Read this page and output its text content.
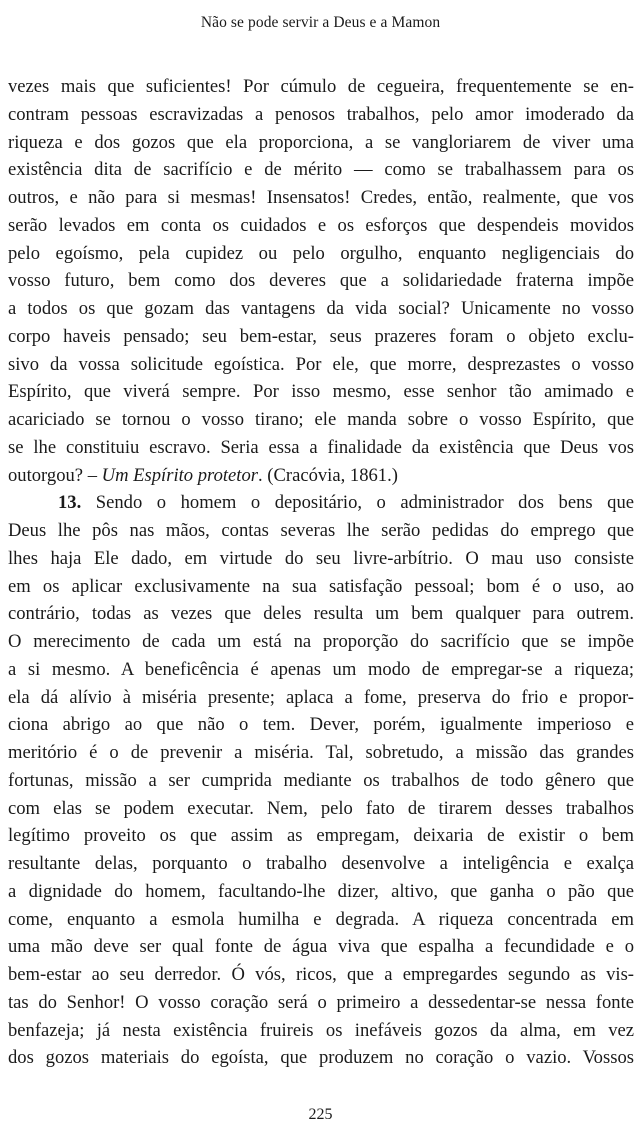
Não se pode servir a Deus e a Mamon
vezes mais que suficientes! Por cúmulo de cegueira, frequentemente se en-
contram pessoas escravizadas a penosos trabalhos, pelo amor imoderado da
riqueza e dos gozos que ela proporciona, a se vangloriarem de viver uma
existência dita de sacrifício e de mérito — como se trabalhassem para os
outros, e não para si mesmas! Insensatos! Credes, então, realmente, que vos
serão levados em conta os cuidados e os esforços que despendeis movidos
pelo egoísmo, pela cupidez ou pelo orgulho, enquanto negligenciais do
vosso futuro, bem como dos deveres que a solidariedade fraterna impõe
a todos os que gozam das vantagens da vida social? Unicamente no vosso
corpo haveis pensado; seu bem-estar, seus prazeres foram o objeto exclu-
sivo da vossa solicitude egoística. Por ele, que morre, desprezastes o vosso
Espírito, que viverá sempre. Por isso mesmo, esse senhor tão amimado e
acariciado se tornou o vosso tirano; ele manda sobre o vosso Espírito, que
se lhe constituiu escravo. Seria essa a finalidade da existência que Deus vos
outorgou? – Um Espírito protetor. (Cracóvia, 1861.)
13. Sendo o homem o depositário, o administrador dos bens que
Deus lhe pôs nas mãos, contas severas lhe serão pedidas do emprego que
lhes haja Ele dado, em virtude do seu livre-arbítrio. O mau uso consiste
em os aplicar exclusivamente na sua satisfação pessoal; bom é o uso, ao
contrário, todas as vezes que deles resulta um bem qualquer para outrem.
O merecimento de cada um está na proporção do sacrifício que se impõe
a si mesmo. A beneficência é apenas um modo de empregar-se a riqueza;
ela dá alívio à miséria presente; aplaca a fome, preserva do frio e propor-
ciona abrigo ao que não o tem. Dever, porém, igualmente imperioso e
meritório é o de prevenir a miséria. Tal, sobretudo, a missão das grandes
fortunas, missão a ser cumprida mediante os trabalhos de todo gênero que
com elas se podem executar. Nem, pelo fato de tirarem desses trabalhos
legítimo proveito os que assim as empregam, deixaria de existir o bem
resultante delas, porquanto o trabalho desenvolve a inteligência e exalça
a dignidade do homem, facultando-lhe dizer, altivo, que ganha o pão que
come, enquanto a esmola humilha e degrada. A riqueza concentrada em
uma mão deve ser qual fonte de água viva que espalha a fecundidade e o
bem-estar ao seu derredor. Ó vós, ricos, que a empregardes segundo as vis-
tas do Senhor! O vosso coração será o primeiro a dessedentar-se nessa fonte
benfazeja; já nesta existência fruireis os inefáveis gozos da alma, em vez
dos gozos materiais do egoísta, que produzem no coração o vazio. Vossos
225
